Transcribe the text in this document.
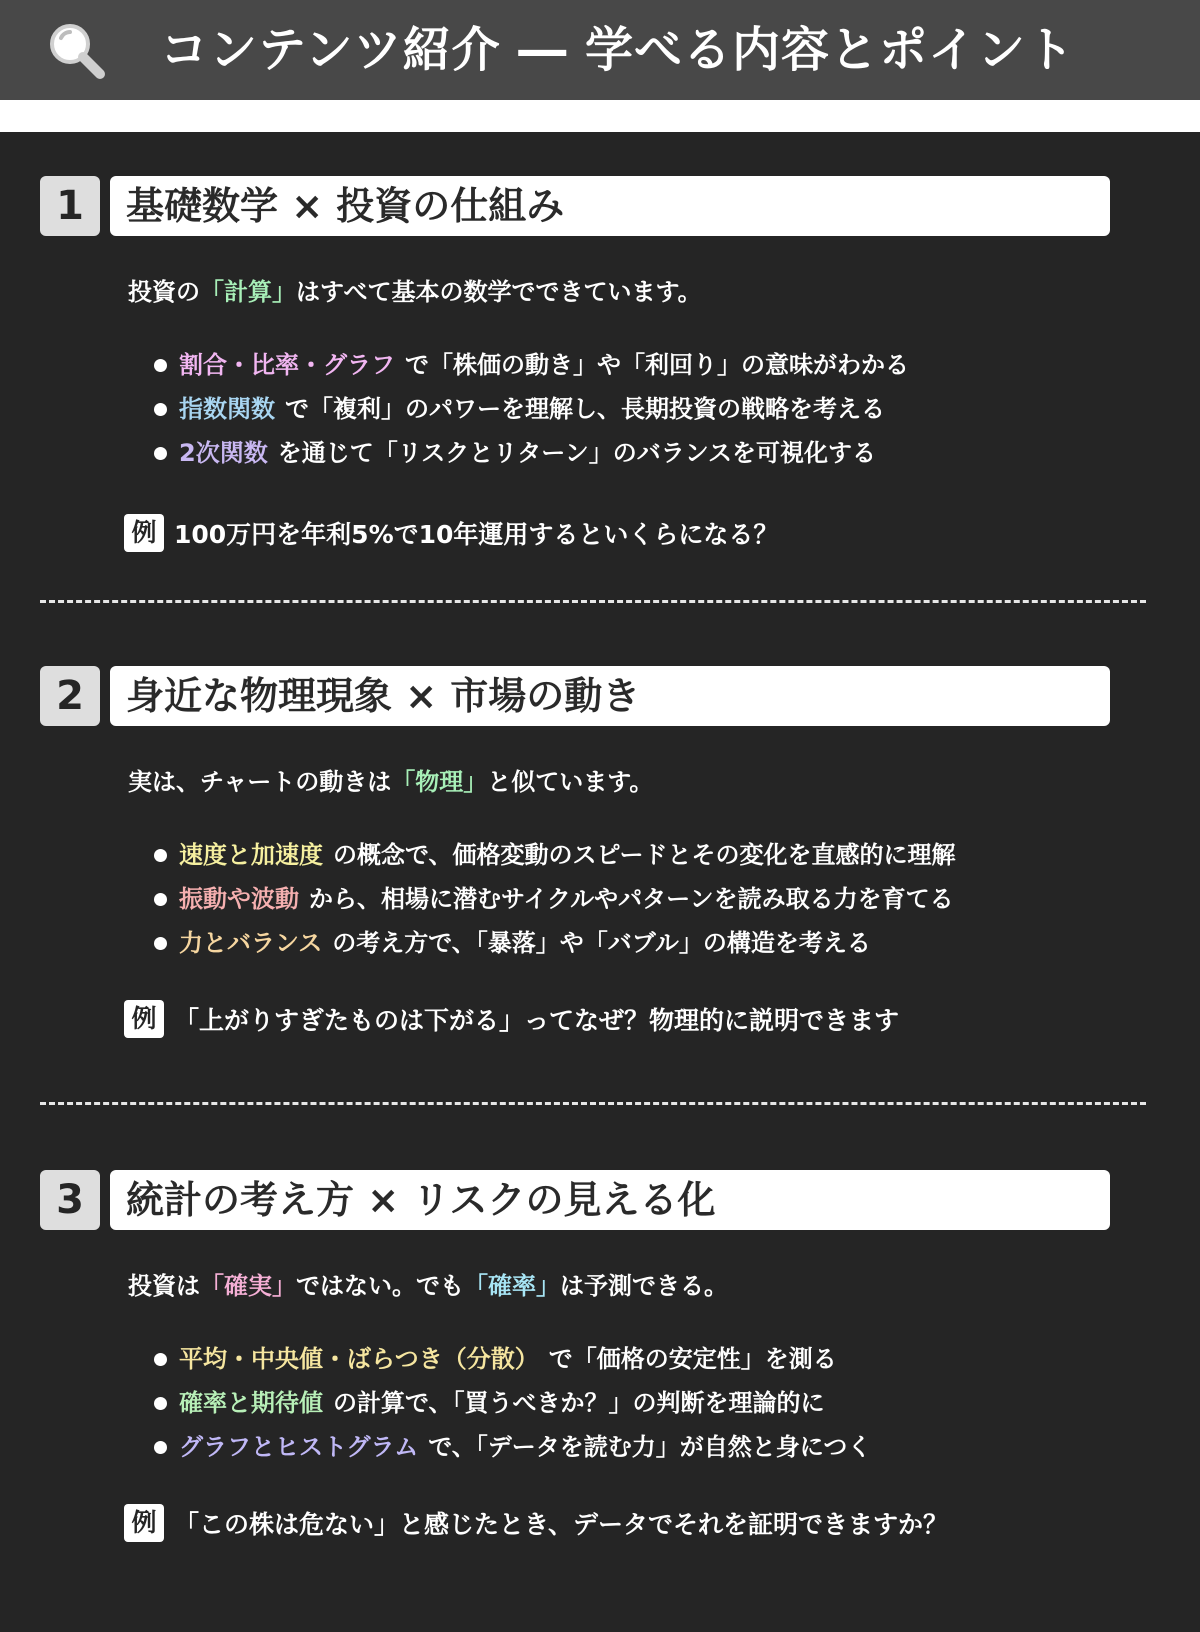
コンテンツ紹介 ― 学べる内容とポイント
1	基礎数学 × 投資の仕組み
投資の「計算」はすべて基本の数学でできています。
割合・比率・グラフ で「株価の動き」や「利回り」の意味がわかる
指数関数 で「複利」のパワーを理解し、長期投資の戦略を考える
2次関数 を通じて「リスクとリターン」のバランスを可視化する
例 100万円を年利5%で10年運用するといくらになる？
2	身近な物理現象 × 市場の動き
実は、チャートの動きは「物理」と似ています。
速度と加速度 の概念で、価格変動のスピードとその変化を直感的に理解
振動や波動 から、相場に潜むサイクルやパターンを読み取る力を育てる
力とバランス の考え方で、「暴落」や「バブル」の構造を考える
例 「上がりすぎたものは下がる」ってなぜ？物理的に説明できます
3	統計の考え方 × リスクの見える化
投資は「確実」ではない。でも「確率」は予測できる。
平均・中央値・ばらつき（分散） で「価格の安定性」を測る
確率と期待値 の計算で、「買うべきか？」の判断を理論的に
グラフとヒストグラム で、「データを読む力」が自然と身につく
例 「この株は危ない」と感じたとき、データでそれを証明できますか？
